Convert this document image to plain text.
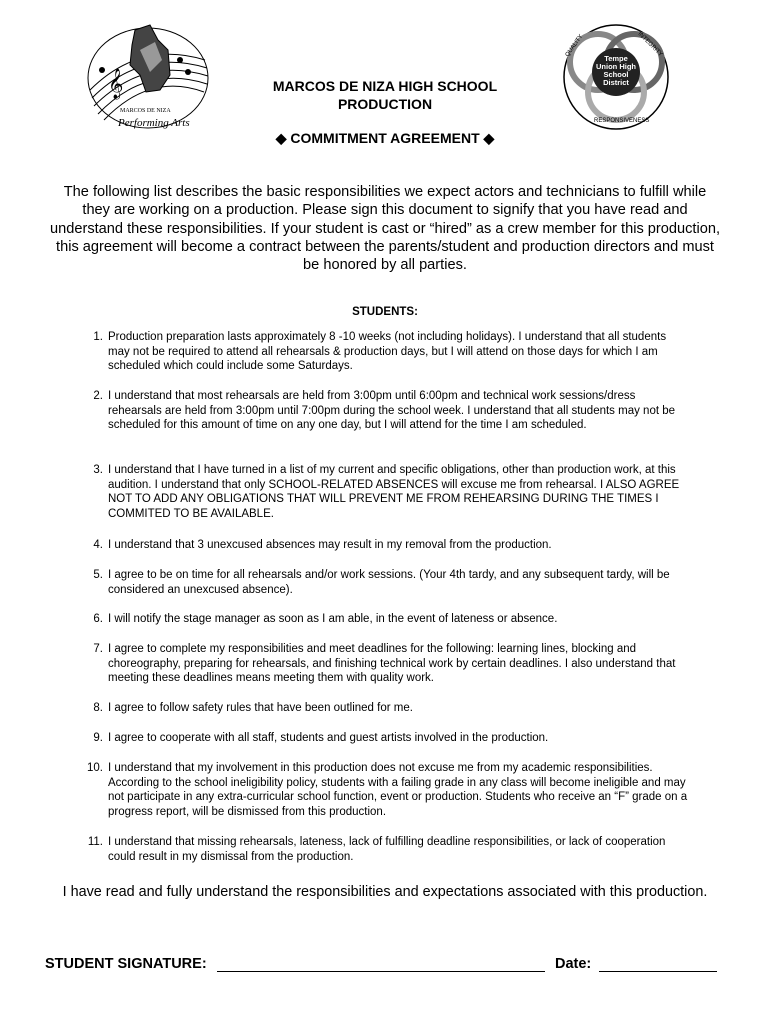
𝄞
MARCOS DE NIZA
Performing Arts
QUALITY	INTEGRITY
RESPONSIVENESS
Tempe Union High School District
MARCOS DE NIZA HIGH SCHOOL
PRODUCTION
◆ COMMITMENT AGREEMENT ◆
The following list describes the basic responsibilities we expect actors and technicians to fulfill while they are working on a production. Please sign this document to signify that you have read and understand these responsibilities. If your student is cast or “hired” as a crew member for this production, this agreement will become a contract between the parents/student and production directors and must be honored by all parties.
STUDENTS:
1. Production preparation lasts approximately 8 -10 weeks (not including holidays). I understand that all students may not be required to attend all rehearsals & production days, but I will attend on those days for which I am scheduled which could include some Saturdays.
2. I understand that most rehearsals are held from 3:00pm until 6:00pm and technical work sessions/dress rehearsals are held from 3:00pm until 7:00pm during the school week. I understand that all students may not be scheduled for this amount of time on any one day, but I will attend for the time I am scheduled.
3. I understand that I have turned in a list of my current and specific obligations, other than production work, at this audition. I understand that only SCHOOL-RELATED ABSENCES will excuse me from rehearsal. I ALSO AGREE NOT TO ADD ANY OBLIGATIONS THAT WILL PREVENT ME FROM REHEARSING DURING THE TIMES I COMMITED TO BE AVAILABLE.
4. I understand that 3 unexcused absences may result in my removal from the production.
5. I agree to be on time for all rehearsals and/or work sessions. (Your 4th tardy, and any subsequent tardy, will be considered an unexcused absence).
6. I will notify the stage manager as soon as I am able, in the event of lateness or absence.
7. I agree to complete my responsibilities and meet deadlines for the following: learning lines, blocking and choreography, preparing for rehearsals, and finishing technical work by certain deadlines. I also understand that meeting these deadlines means meeting them with quality work.
8. I agree to follow safety rules that have been outlined for me.
9. I agree to cooperate with all staff, students and guest artists involved in the production.
10. I understand that my involvement in this production does not excuse me from my academic responsibilities. According to the school ineligibility policy, students with a failing grade in any class will become ineligible and may not participate in any extra-curricular school function, event or production. Students who receive an “F” grade on a progress report, will be dismissed from this production.
11. I understand that missing rehearsals, lateness, lack of fulfilling deadline responsibilities, or lack of cooperation could result in my dismissal from the production.
I have read and fully understand the responsibilities and expectations associated with this production.
STUDENT SIGNATURE:	Date:
